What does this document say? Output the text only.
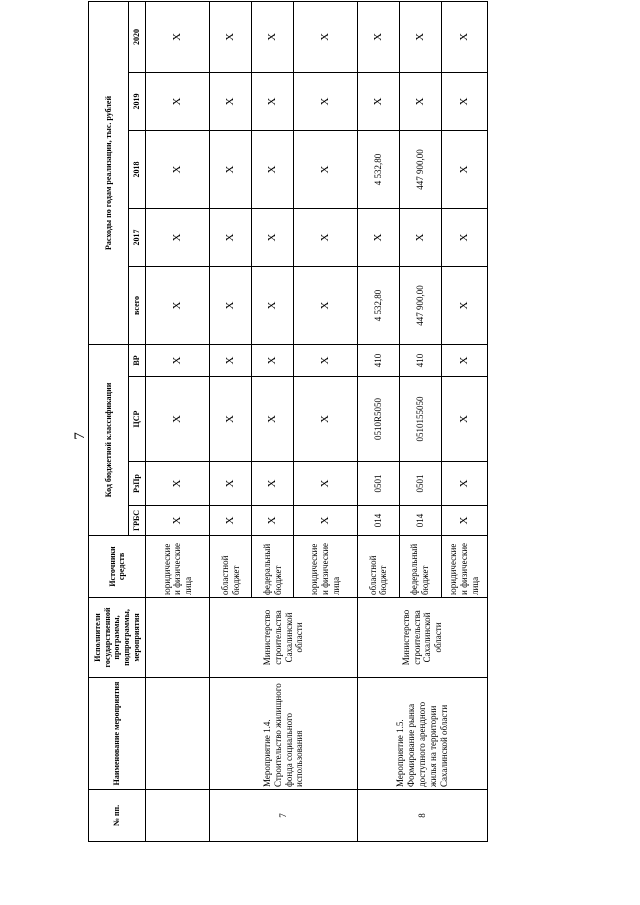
7
№ пп.	Наименование мероприятия	Исполнители государственной программы, подпрограммы, мероприятия	Источники средств	Код бюджетной классификации				Расходы по годам реализации, тыс. рублей				
				ГРБС	РзПр	ЦСР	ВР	всего	2017	2018	2019	2020
			юридические и физические лица	X	X	X	X	X	X	X	X	X
7	Мероприятие 1.4. Строительство жилищного фонда социального использования	Министерство строительства Сахалинской области	областной бюджет	X	X	X	X	X	X	X	X	X
			федеральный бюджет	X	X	X	X	X	X	X	X	X
			юридические и физические лица	X	X	X	X	X	X	X	X	X
8	Мероприятие 1.5. Формирование рынка доступного арендного жилья на территории Сахалинской области	Министерство строительства Сахалинской области	областной бюджет	014	0501	0510R5050	410	4 532,80	X	4 532,80	X	X
			федеральный бюджет	014	0501	0510155050	410	447 900,00	X	447 900,00	X	X
			юридические и физические лица	X	X	X	X	X	X	X	X	X
